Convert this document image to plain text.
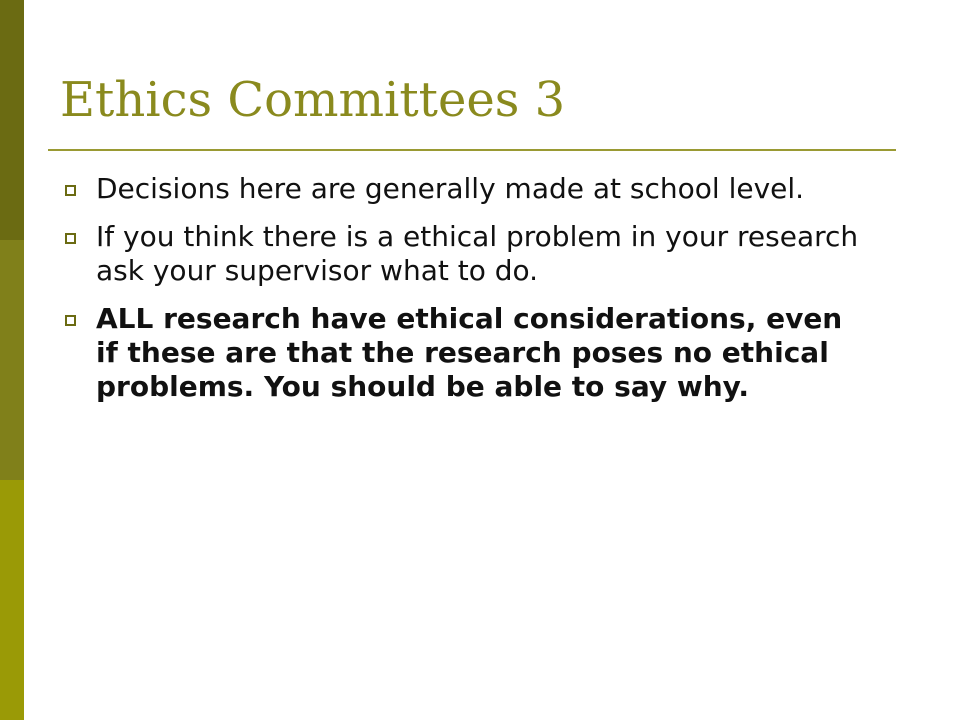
Ethics Committees 3
Decisions here are generally made at school level.
If you think there is a ethical problem in your research ask your supervisor what to do.
ALL research have ethical considerations, even if these are that the research poses no ethical problems. You should be able to say why.
